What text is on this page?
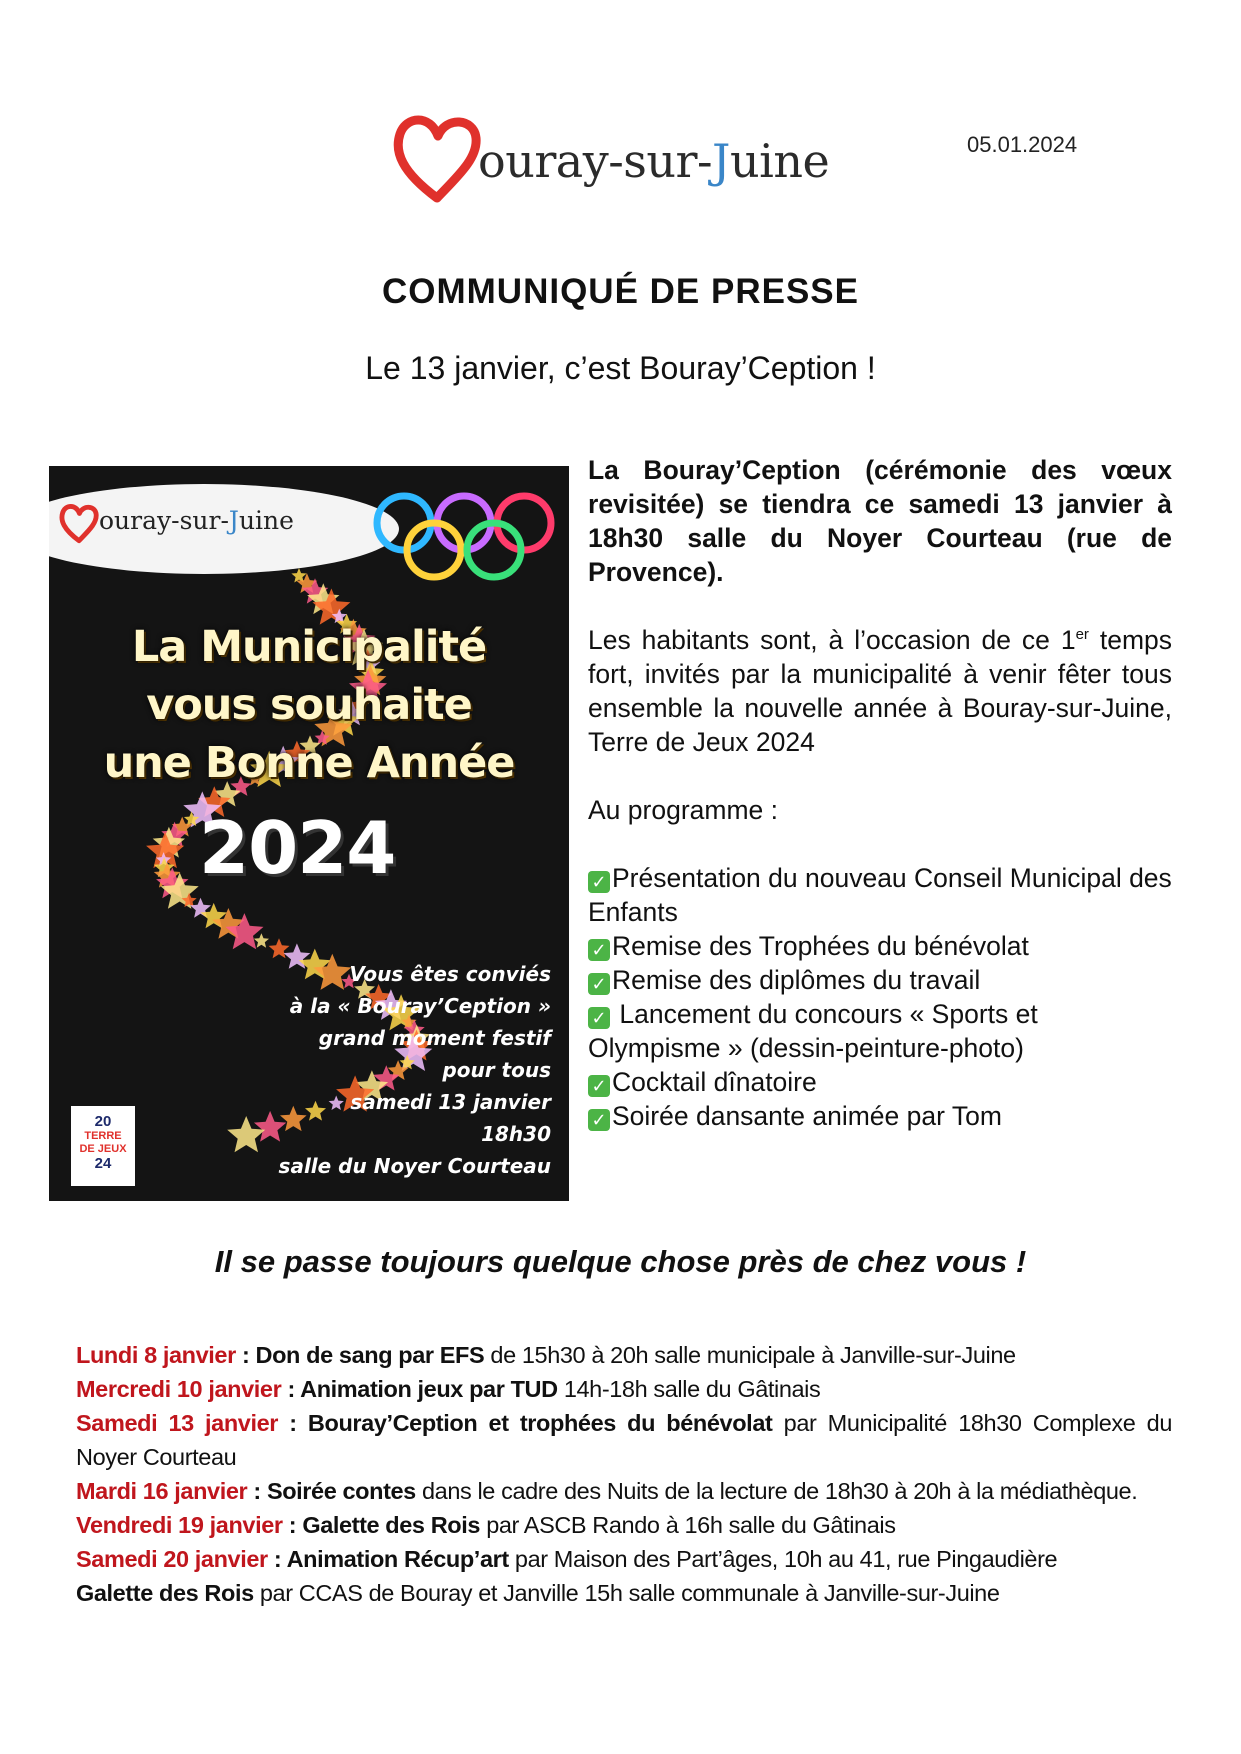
ouray-sur-Juine	05.01.2024
COMMUNIQUÉ DE PRESSE
Le 13 janvier, c’est Bouray’Ception !
ouray-sur-Juine
La Municipalité
vous souhaite
une Bonne Année
2024
Vous êtes conviés
à la « Bouray’Ception »
grand moment festif
pour tous
samedi 13 janvier
18h30
salle du Noyer Courteau
20
TERRE
DE JEUX
24

La Bouray’Ception (cérémonie des vœux revisitée) se tiendra ce samedi 13 janvier à 18h30 salle du Noyer Courteau (rue de Provence).

Les habitants sont, à l’occasion de ce 1er temps fort, invités par la municipalité à venir fêter tous ensemble la nouvelle année à Bouray-sur-Juine, Terre de Jeux 2024

Au programme :

✓ Présentation du nouveau Conseil Municipal des Enfants
✓ Remise des Trophées du bénévolat
✓ Remise des diplômes du travail
✓ Lancement du concours « Sports et Olympisme » (dessin-peinture-photo)
✓ Cocktail dînatoire
✓ Soirée dansante animée par Tom
Il se passe toujours quelque chose près de chez vous !

Lundi 8 janvier : Don de sang par EFS de 15h30 à 20h salle municipale à Janville-sur-Juine

Mercredi 10 janvier : Animation jeux par TUD 14h-18h salle du Gâtinais

Samedi 13 janvier : Bouray’Ception et trophées du bénévolat par Municipalité 18h30 Complexe du Noyer Courteau

Mardi 16 janvier : Soirée contes dans le cadre des Nuits de la lecture de 18h30 à 20h à la médiathèque.

Vendredi 19 janvier : Galette des Rois par ASCB Rando à 16h salle du Gâtinais

Samedi 20 janvier : Animation Récup’art par Maison des Part’âges, 10h au 41, rue Pingaudière

Galette des Rois par CCAS de Bouray et Janville 15h salle communale à Janville-sur-Juine
